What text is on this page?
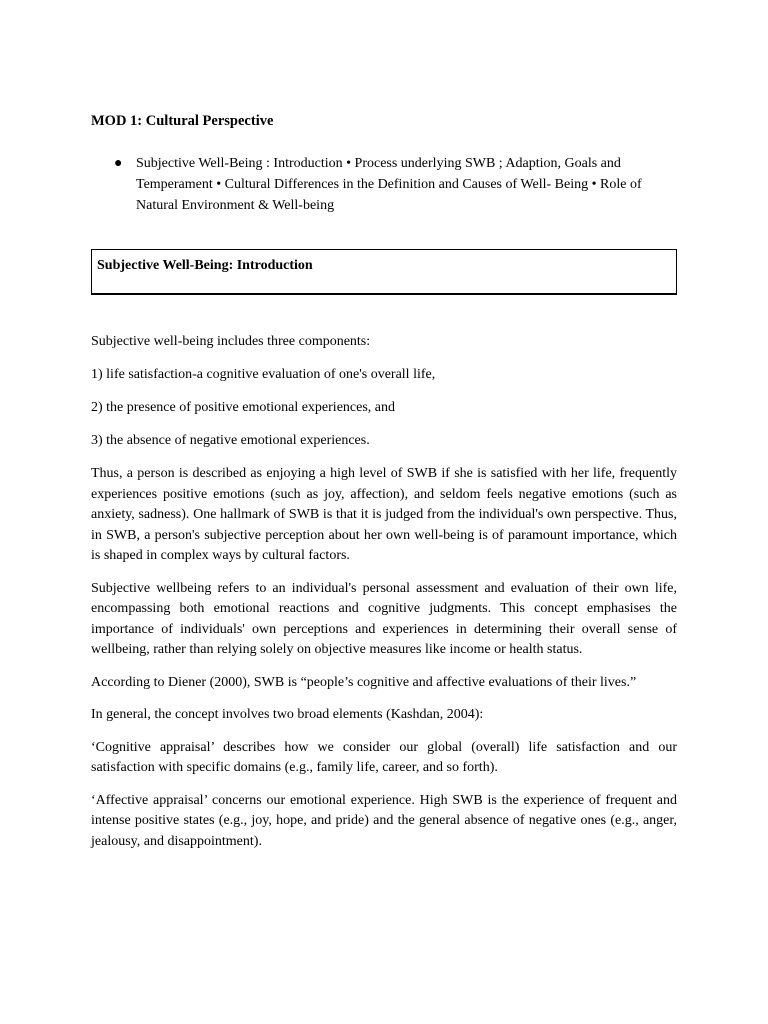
MOD 1: Cultural Perspective
● Subjective Well-Being : Introduction • Process underlying SWB ; Adaption, Goals and Temperament • Cultural Differences in the Definition and Causes of Well- Being • Role of Natural Environment & Well-being
Subjective Well-Being: Introduction

Subjective well-being includes three components:

1) life satisfaction-a cognitive evaluation of one's overall life,

2) the presence of positive emotional experiences, and

3) the absence of negative emotional experiences.

Thus, a person is described as enjoying a high level of SWB if she is satisfied with her life, frequently experiences positive emotions (such as joy, affection), and seldom feels negative emotions (such as anxiety, sadness). One hallmark of SWB is that it is judged from the individual's own perspective. Thus, in SWB, a person's subjective perception about her own well-being is of paramount importance, which is shaped in complex ways by cultural factors.

Subjective wellbeing refers to an individual's personal assessment and evaluation of their own life, encompassing both emotional reactions and cognitive judgments. This concept emphasises the importance of individuals' own perceptions and experiences in determining their overall sense of wellbeing, rather than relying solely on objective measures like income or health status.

According to Diener (2000), SWB is “people’s cognitive and affective evaluations of their lives.”

In general, the concept involves two broad elements (Kashdan, 2004):

‘Cognitive appraisal’ describes how we consider our global (overall) life satisfaction and our satisfaction with specific domains (e.g., family life, career, and so forth).

‘Affective appraisal’ concerns our emotional experience. High SWB is the experience of frequent and intense positive states (e.g., joy, hope, and pride) and the general absence of negative ones (e.g., anger, jealousy, and disappointment).
